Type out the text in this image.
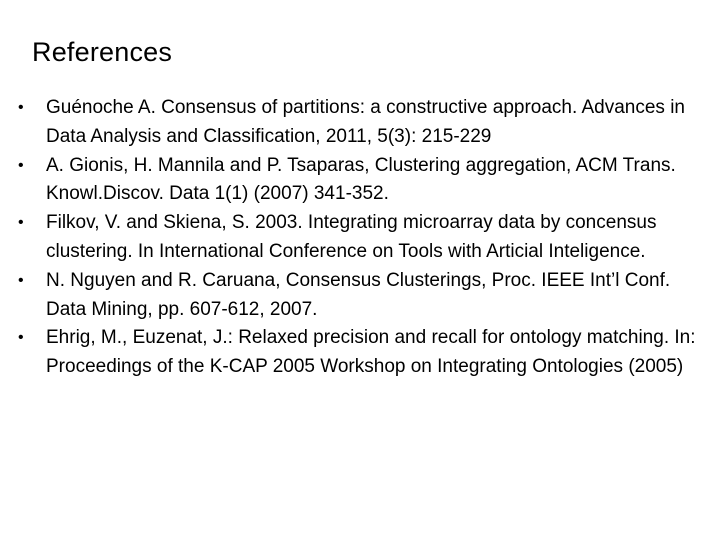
References
•	Guénoche A. Consensus of partitions: a constructive approach. Advances in Data Analysis and Classification, 2011, 5(3): 215-229
•	A. Gionis, H. Mannila and P. Tsaparas, Clustering aggregation, ACM Trans. Knowl.Discov. Data 1(1) (2007) 341-352.
•	Filkov, V. and Skiena, S. 2003. Integrating microarray data by concensus clustering. In International Conference on Tools with Articial Inteligence.
•	N. Nguyen and R. Caruana, Consensus Clusterings, Proc. IEEE Int’l Conf. Data Mining, pp. 607-612, 2007.
•	Ehrig, M., Euzenat, J.: Relaxed precision and recall for ontology matching. In: Proceedings of the K-CAP 2005 Workshop on Integrating Ontologies (2005)
